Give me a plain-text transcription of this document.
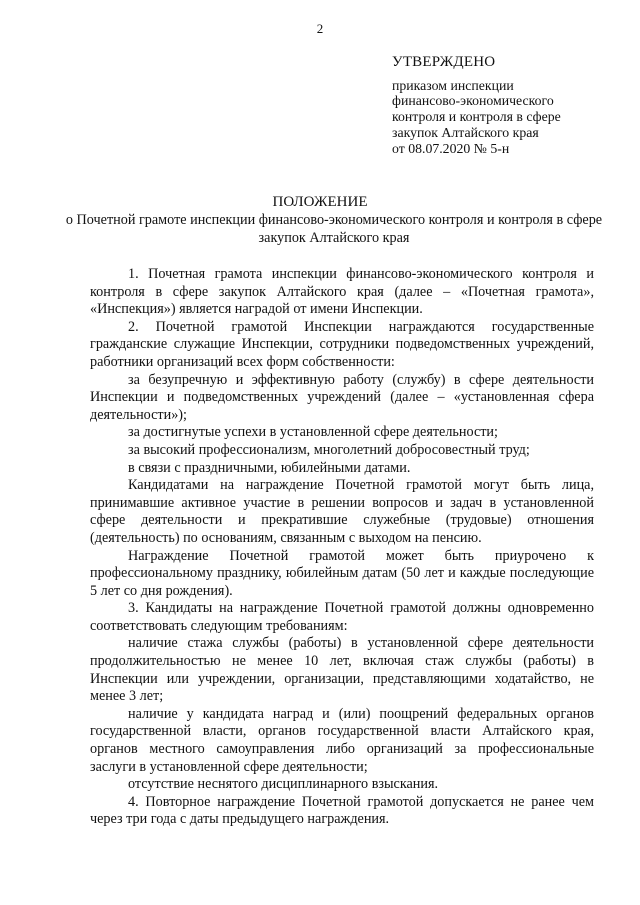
2
УТВЕРЖДЕНО
приказом инспекции
финансово-экономического
контроля и контроля в сфере
закупок Алтайского края
от 08.07.2020 № 5-н
ПОЛОЖЕНИЕ
о Почетной грамоте инспекции финансово-экономического контроля и контроля в сфере закупок Алтайского края

1. Почетная грамота инспекции финансово-экономического контроля и контроля в сфере закупок Алтайского края (далее – «Почетная грамота», «Инспекция») является наградой от имени Инспекции.

2. Почетной грамотой Инспекции награждаются государственные гражданские служащие Инспекции, сотрудники подведомственных учреждений, работники организаций всех форм собственности:

за безупречную и эффективную работу (службу) в сфере деятельности Инспекции и подведомственных учреждений (далее – «установленная сфера деятельности»);

за достигнутые успехи в установленной сфере деятельности;

за высокий профессионализм, многолетний добросовестный труд;

в связи с праздничными, юбилейными датами.

Кандидатами на награждение Почетной грамотой могут быть лица, принимавшие активное участие в решении вопросов и задач в установленной сфере деятельности и прекратившие служебные (трудовые) отношения (деятельность) по основаниям, связанным с выходом на пенсию.

Награждение Почетной грамотой может быть приурочено к профессиональному празднику, юбилейным датам (50 лет и каждые последующие 5 лет со дня рождения).

3. Кандидаты на награждение Почетной грамотой должны одновременно соответствовать следующим требованиям:

наличие стажа службы (работы) в установленной сфере деятельности продолжительностью не менее 10 лет, включая стаж службы (работы) в Инспекции или учреждении, организации, представляющими ходатайство, не менее 3 лет;

наличие у кандидата наград и (или) поощрений федеральных органов государственной власти, органов государственной власти Алтайского края, органов местного самоуправления либо организаций за профессиональные заслуги в установленной сфере деятельности;

отсутствие неснятого дисциплинарного взыскания.

4. Повторное награждение Почетной грамотой допускается не ранее чем через три года с даты предыдущего награждения.
